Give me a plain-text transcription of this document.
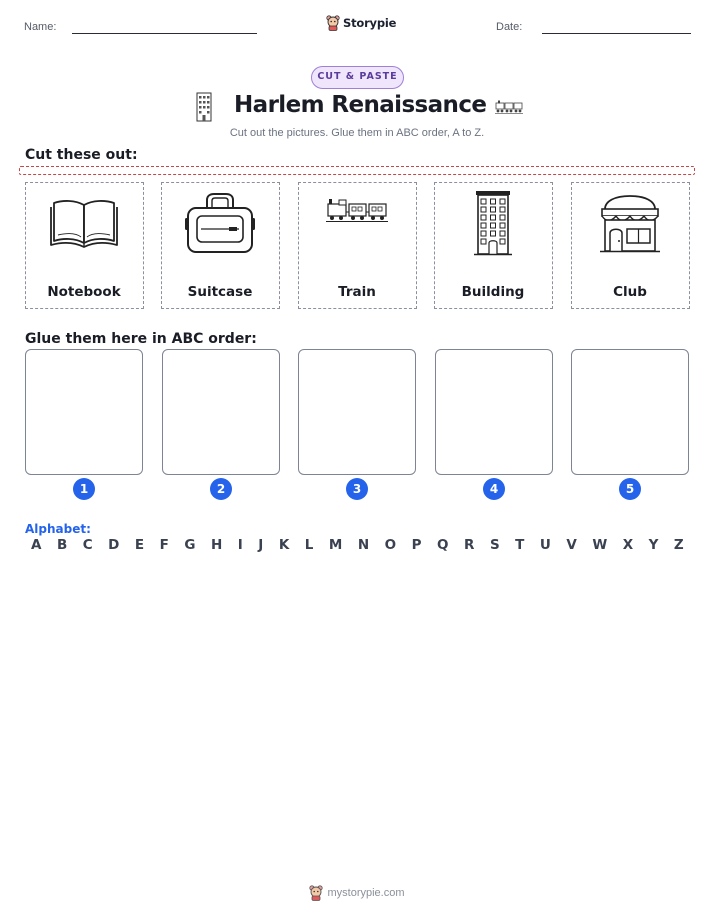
Name:	Storypie	Date:
CUT & PASTE
Harlem Renaissance
Cut out the pictures. Glue them in ABC order, A to Z.
Cut these out:
Notebook	Suitcase	Train	Building	Club
Glue them here in ABC order:
1	2	3	4	5
Alphabet:
A B C D E F G H I J K L M N O P Q R S T U V W X Y Z
mystorypie.com
